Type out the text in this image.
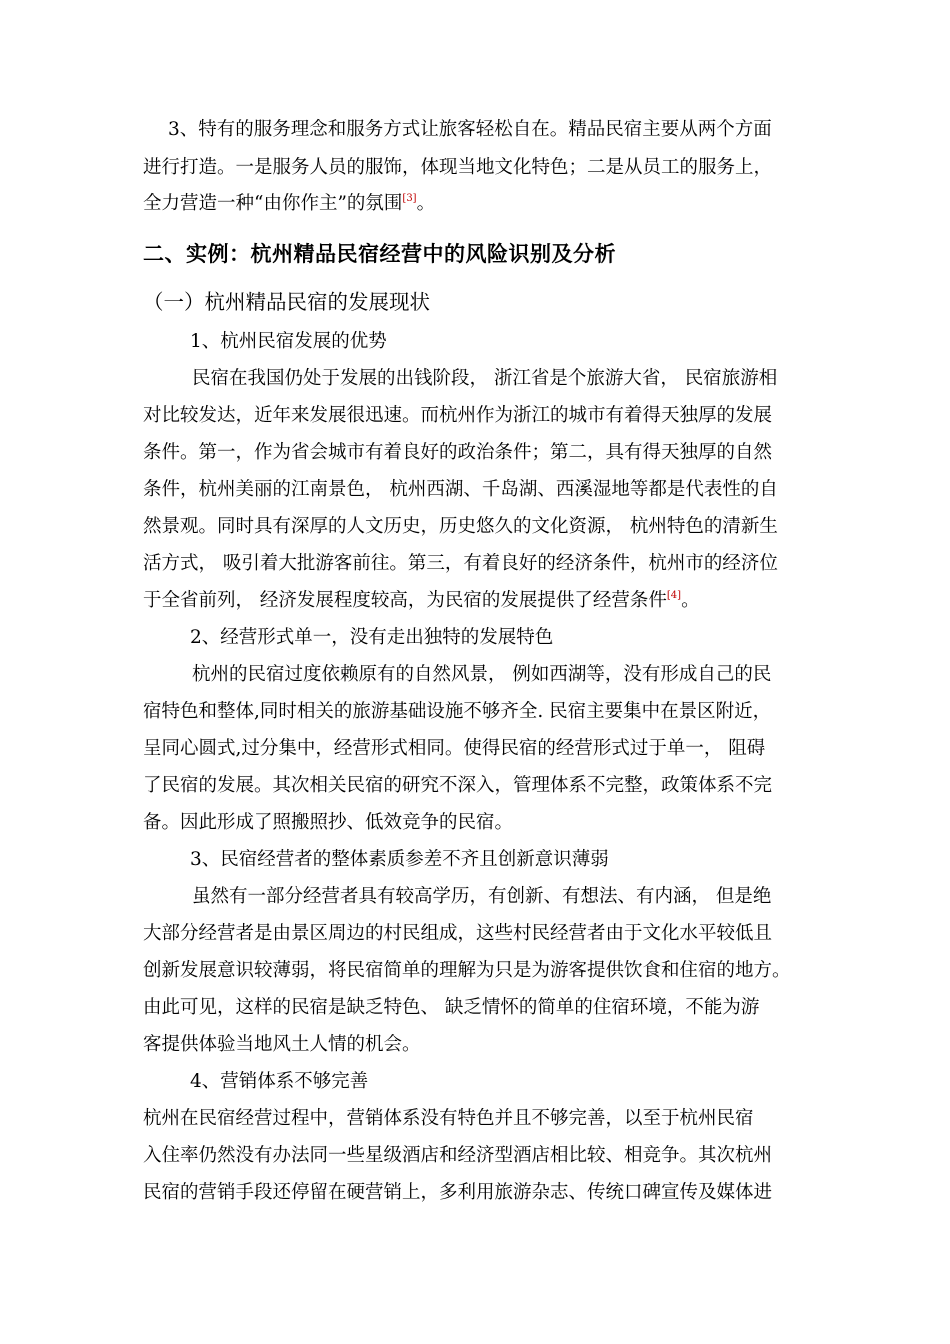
3、特有的服务理念和服务方式让旅客轻松自在。精品民宿主要从两个方面
进行打造。一是服务人员的服饰，体现当地文化特色；二是从员工的服务上，
全力营造一种“由你作主”的氛围[3]。
二、实例：杭州精品民宿经营中的风险识别及分析
（一）杭州精品民宿的发展现状
1、杭州民宿发展的优势
民宿在我国仍处于发展的出钱阶段， 浙江省是个旅游大省， 民宿旅游相
对比较发达，近年来发展很迅速。而杭州作为浙江的城市有着得天独厚的发展
条件。第一，作为省会城市有着良好的政治条件；第二，具有得天独厚的自然
条件，杭州美丽的江南景色， 杭州西湖、千岛湖、西溪湿地等都是代表性的自
然景观。同时具有深厚的人文历史，历史悠久的文化资源， 杭州特色的清新生
活方式， 吸引着大批游客前往。第三，有着良好的经济条件，杭州市的经济位
于全省前列， 经济发展程度较高，为民宿的发展提供了经营条件[4]。
2、经营形式单一，没有走出独特的发展特色
杭州的民宿过度依赖原有的自然风景， 例如西湖等，没有形成自己的民
宿特色和整体,同时相关的旅游基础设施不够齐全. 民宿主要集中在景区附近，
呈同心圆式,过分集中，经营形式相同。使得民宿的经营形式过于单一， 阻碍
了民宿的发展。其次相关民宿的研究不深入，管理体系不完整，政策体系不完
备。因此形成了照搬照抄、低效竞争的民宿。
3、民宿经营者的整体素质参差不齐且创新意识薄弱
虽然有一部分经营者具有较高学历，有创新、有想法、有内涵， 但是绝
大部分经营者是由景区周边的村民组成，这些村民经营者由于文化水平较低且
创新发展意识较薄弱，将民宿简单的理解为只是为游客提供饮食和住宿的地方。
由此可见，这样的民宿是缺乏特色、 缺乏情怀的简单的住宿环境，不能为游
客提供体验当地风土人情的机会。
4、营销体系不够完善
杭州在民宿经营过程中，营销体系没有特色并且不够完善，以至于杭州民宿
入住率仍然没有办法同一些星级酒店和经济型酒店相比较、相竞争。其次杭州
民宿的营销手段还停留在硬营销上，多利用旅游杂志、传统口碑宣传及媒体进
